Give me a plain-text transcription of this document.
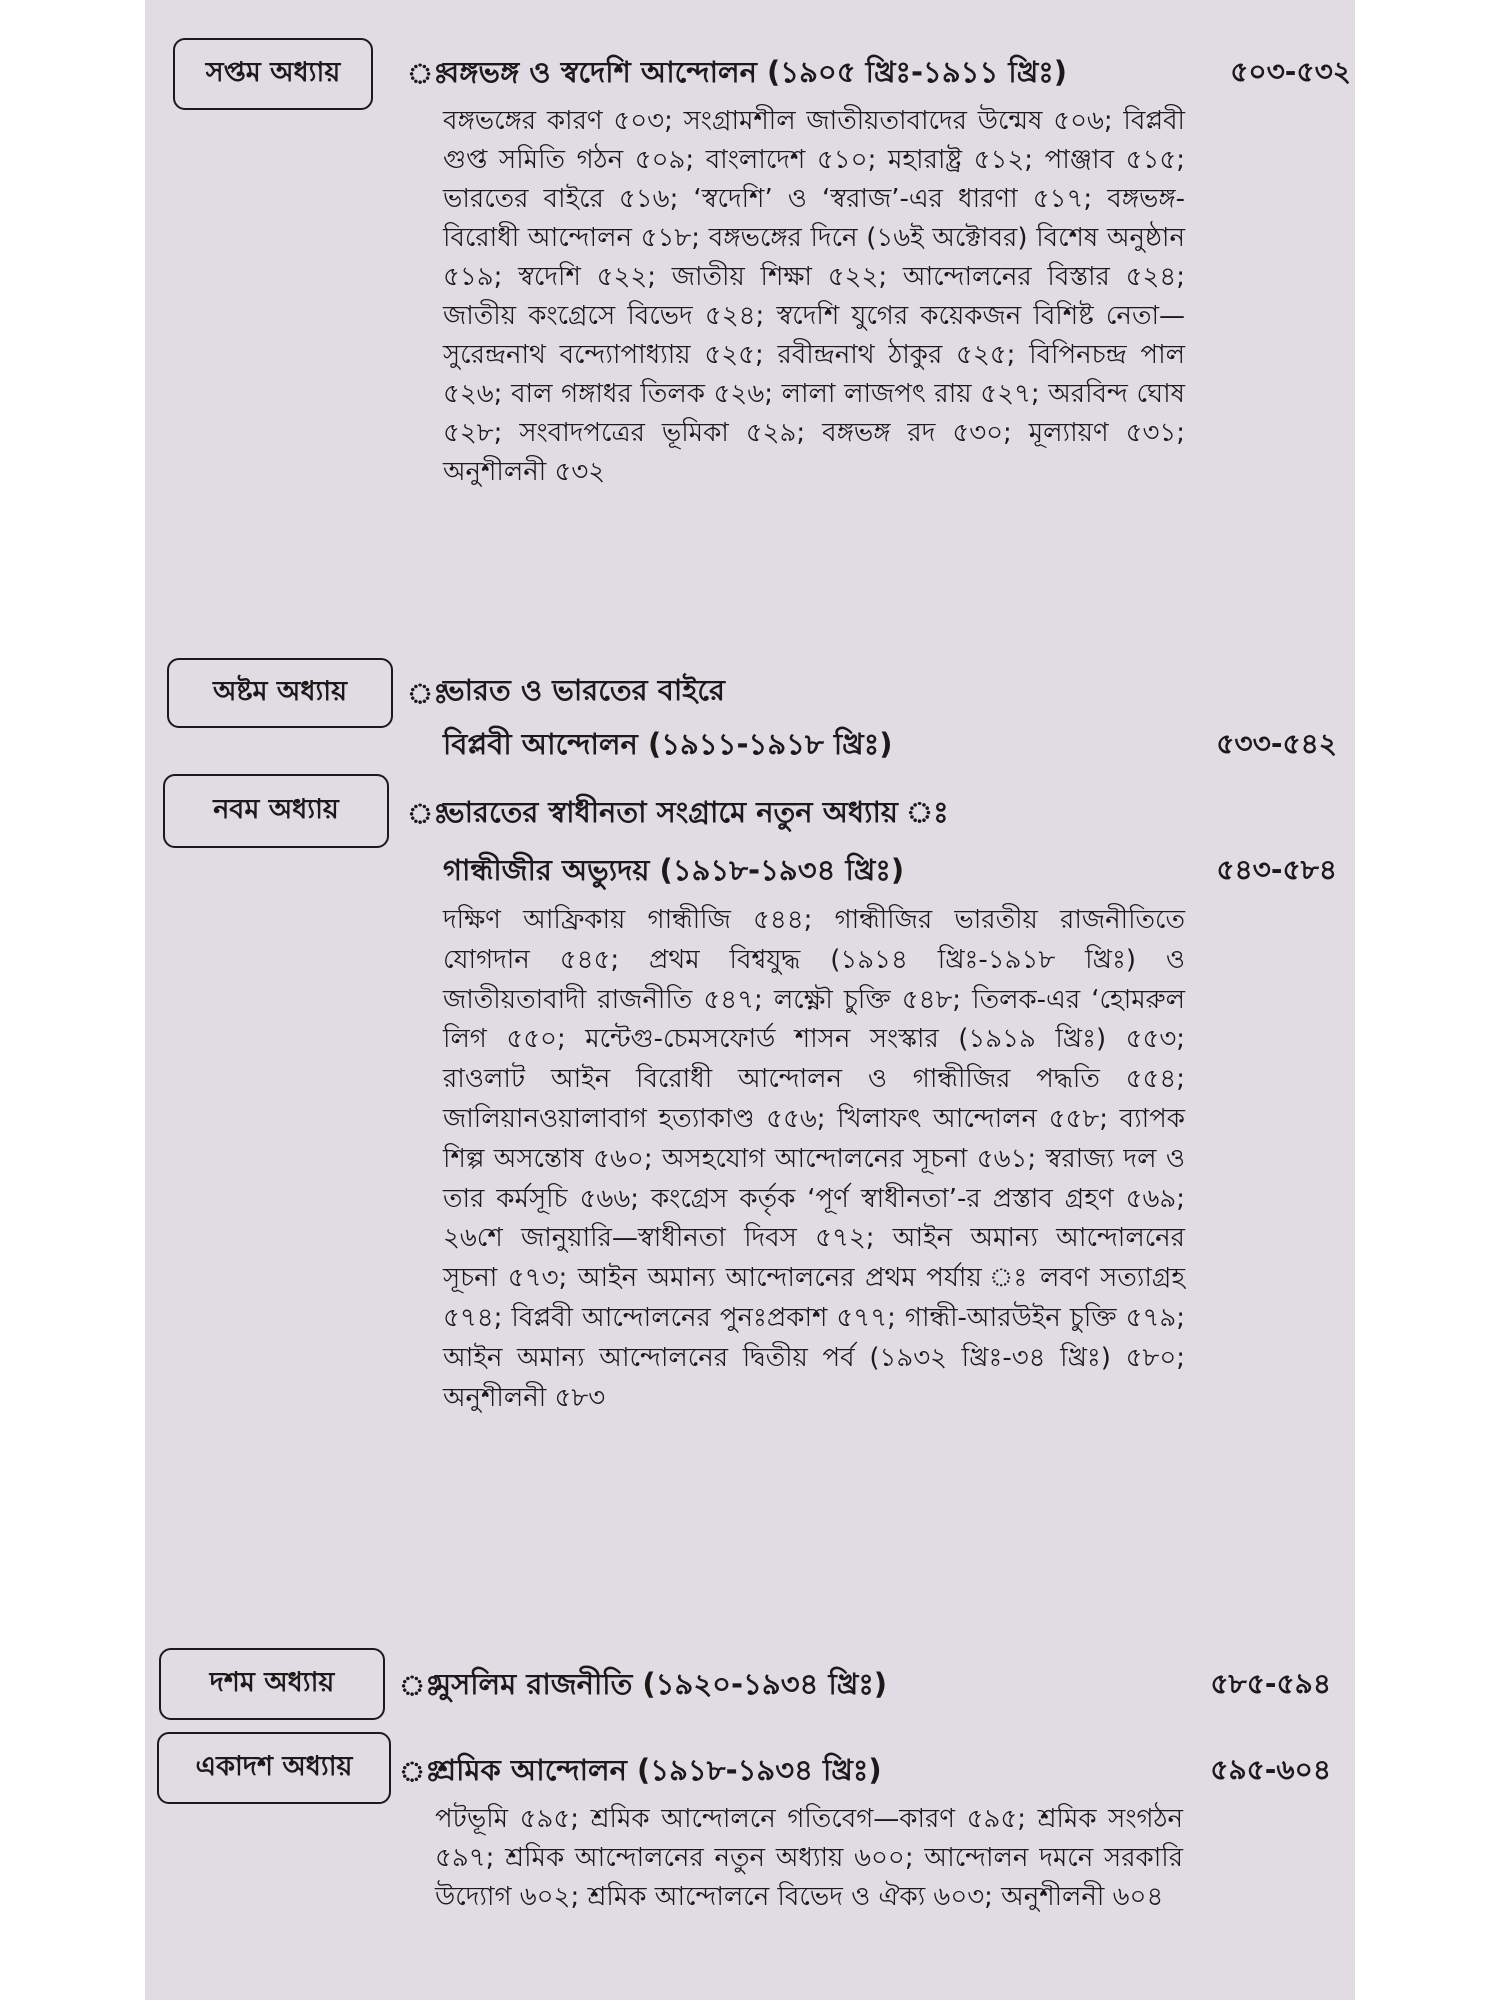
সপ্তম অধ্যায় ঃ
বঙ্গভঙ্গ ও স্বদেশি আন্দোলন (১৯০৫ খ্রিঃ-১৯১১ খ্রিঃ)	৫০৩-৫৩২
বঙ্গভঙ্গের কারণ ৫০৩; সংগ্রামশীল জাতীয়তাবাদের উন্মেষ ৫০৬; বিপ্লবী গুপ্ত সমিতি গঠন ৫০৯; বাংলাদেশ ৫১০; মহারাষ্ট্র ৫১২; পাঞ্জাব ৫১৫; ভারতের বাইরে ৫১৬; ‘স্বদেশি’ ও ‘স্বরাজ’-এর ধারণা ৫১৭; বঙ্গভঙ্গ-বিরোধী আন্দোলন ৫১৮; বঙ্গভঙ্গের দিনে (১৬ই অক্টোবর) বিশেষ অনুষ্ঠান ৫১৯; স্বদেশি ৫২২; জাতীয় শিক্ষা ৫২২; আন্দোলনের বিস্তার ৫২৪; জাতীয় কংগ্রেসে বিভেদ ৫২৪; স্বদেশি যুগের কয়েকজন বিশিষ্ট নেতা—সুরেন্দ্রনাথ বন্দ্যোপাধ্যায় ৫২৫; রবীন্দ্রনাথ ঠাকুর ৫২৫; বিপিনচন্দ্র পাল ৫২৬; বাল গঙ্গাধর তিলক ৫২৬; লালা লাজপৎ রায় ৫২৭; অরবিন্দ ঘোষ ৫২৮; সংবাদপত্রের ভূমিকা ৫২৯; বঙ্গভঙ্গ রদ ৫৩০; মূল্যায়ণ ৫৩১; অনুশীলনী ৫৩২
অষ্টম অধ্যায় ঃ
ভারত ও ভারতের বাইরে
বিপ্লবী আন্দোলন (১৯১১-১৯১৮ খ্রিঃ)	৫৩৩-৫৪২
নবম অধ্যায় ঃ
ভারতের স্বাধীনতা সংগ্রামে নতুন অধ্যায় ঃ
গান্ধীজীর অভ্যুদয় (১৯১৮-১৯৩৪ খ্রিঃ)	৫৪৩-৫৮৪
দক্ষিণ আফ্রিকায় গান্ধীজি ৫৪৪; গান্ধীজির ভারতীয় রাজনীতিতে যোগদান ৫৪৫; প্রথম বিশ্বযুদ্ধ (১৯১৪ খ্রিঃ-১৯১৮ খ্রিঃ) ও জাতীয়তাবাদী রাজনীতি ৫৪৭; লক্ষ্ণৌ চুক্তি ৫৪৮; তিলক-এর ‘হোমরুল লিগ ৫৫০; মন্টেগু-চেমসফোর্ড শাসন সংস্কার (১৯১৯ খ্রিঃ) ৫৫৩; রাওলাট আইন বিরোধী আন্দোলন ও গান্ধীজির পদ্ধতি ৫৫৪; জালিয়ানওয়ালাবাগ হত্যাকাণ্ড ৫৫৬; খিলাফৎ আন্দোলন ৫৫৮; ব্যাপক শিল্প অসন্তোষ ৫৬০; অসহযোগ আন্দোলনের সূচনা ৫৬১; স্বরাজ্য দল ও তার কর্মসূচি ৫৬৬; কংগ্রেস কর্তৃক ‘পূর্ণ স্বাধীনতা’-র প্রস্তাব গ্রহণ ৫৬৯; ২৬শে জানুয়ারি—স্বাধীনতা দিবস ৫৭২; আইন অমান্য আন্দোলনের সূচনা ৫৭৩; আইন অমান্য আন্দোলনের প্রথম পর্যায় ঃ লবণ সত্যাগ্রহ ৫৭৪; বিপ্লবী আন্দোলনের পুনঃপ্রকাশ ৫৭৭; গান্ধী-আরউইন চুক্তি ৫৭৯; আইন অমান্য আন্দোলনের দ্বিতীয় পর্ব (১৯৩২ খ্রিঃ-৩৪ খ্রিঃ) ৫৮০; অনুশীলনী ৫৮৩
দশম অধ্যায় ঃ
মুসলিম রাজনীতি (১৯২০-১৯৩৪ খ্রিঃ)	৫৮৫-৫৯৪
একাদশ অধ্যায় ঃ
শ্রমিক আন্দোলন (১৯১৮-১৯৩৪ খ্রিঃ)	৫৯৫-৬০৪
পটভূমি ৫৯৫; শ্রমিক আন্দোলনে গতিবেগ—কারণ ৫৯৫; শ্রমিক সংগঠন ৫৯৭; শ্রমিক আন্দোলনের নতুন অধ্যায় ৬০০; আন্দোলন দমনে সরকারি উদ্যোগ ৬০২; শ্রমিক আন্দোলনে বিভেদ ও ঐক্য ৬০৩; অনুশীলনী ৬০৪
